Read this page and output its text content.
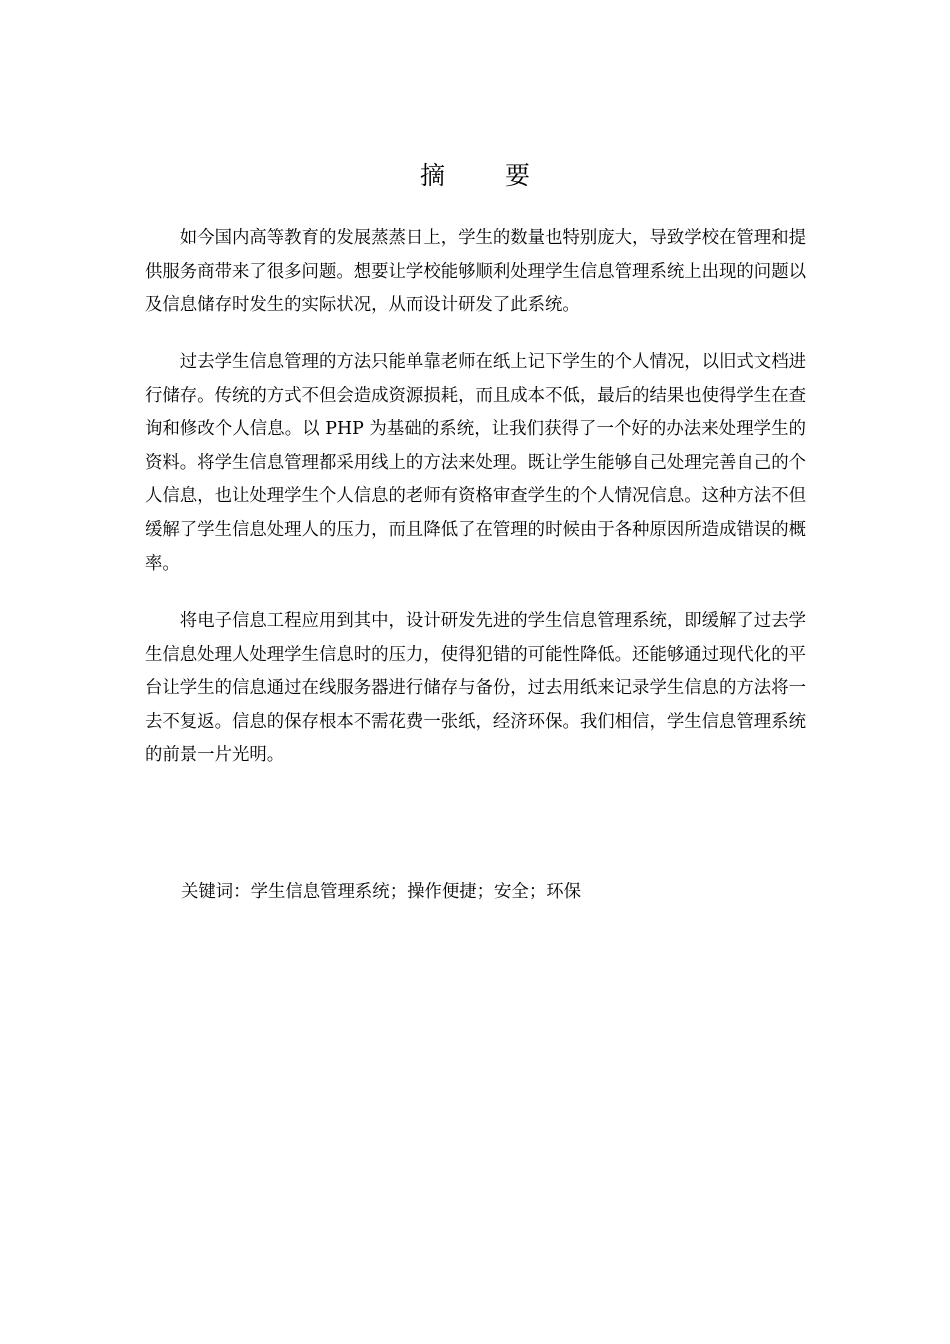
摘 要

如今国内高等教育的发展蒸蒸日上，学生的数量也特别庞大，导致学校在管理和提供服务商带来了很多问题。想要让学校能够顺利处理学生信息管理系统上出现的问题以及信息储存时发生的实际状况，从而设计研发了此系统。

过去学生信息管理的方法只能单靠老师在纸上记下学生的个人情况，以旧式文档进行储存。传统的方式不但会造成资源损耗，而且成本不低，最后的结果也使得学生在查询和修改个人信息。以 PHP 为基础的系统，让我们获得了一个好的办法来处理学生的资料。将学生信息管理都采用线上的方法来处理。既让学生能够自己处理完善自己的个人信息，也让处理学生个人信息的老师有资格审查学生的个人情况信息。这种方法不但缓解了学生信息处理人的压力，而且降低了在管理的时候由于各种原因所造成错误的概率。

将电子信息工程应用到其中，设计研发先进的学生信息管理系统，即缓解了过去学生信息处理人处理学生信息时的压力，使得犯错的可能性降低。还能够通过现代化的平台让学生的信息通过在线服务器进行储存与备份，过去用纸来记录学生信息的方法将一去不复返。信息的保存根本不需花费一张纸，经济环保。我们相信，学生信息管理系统的前景一片光明。

关键词：学生信息管理系统；操作便捷；安全；环保
